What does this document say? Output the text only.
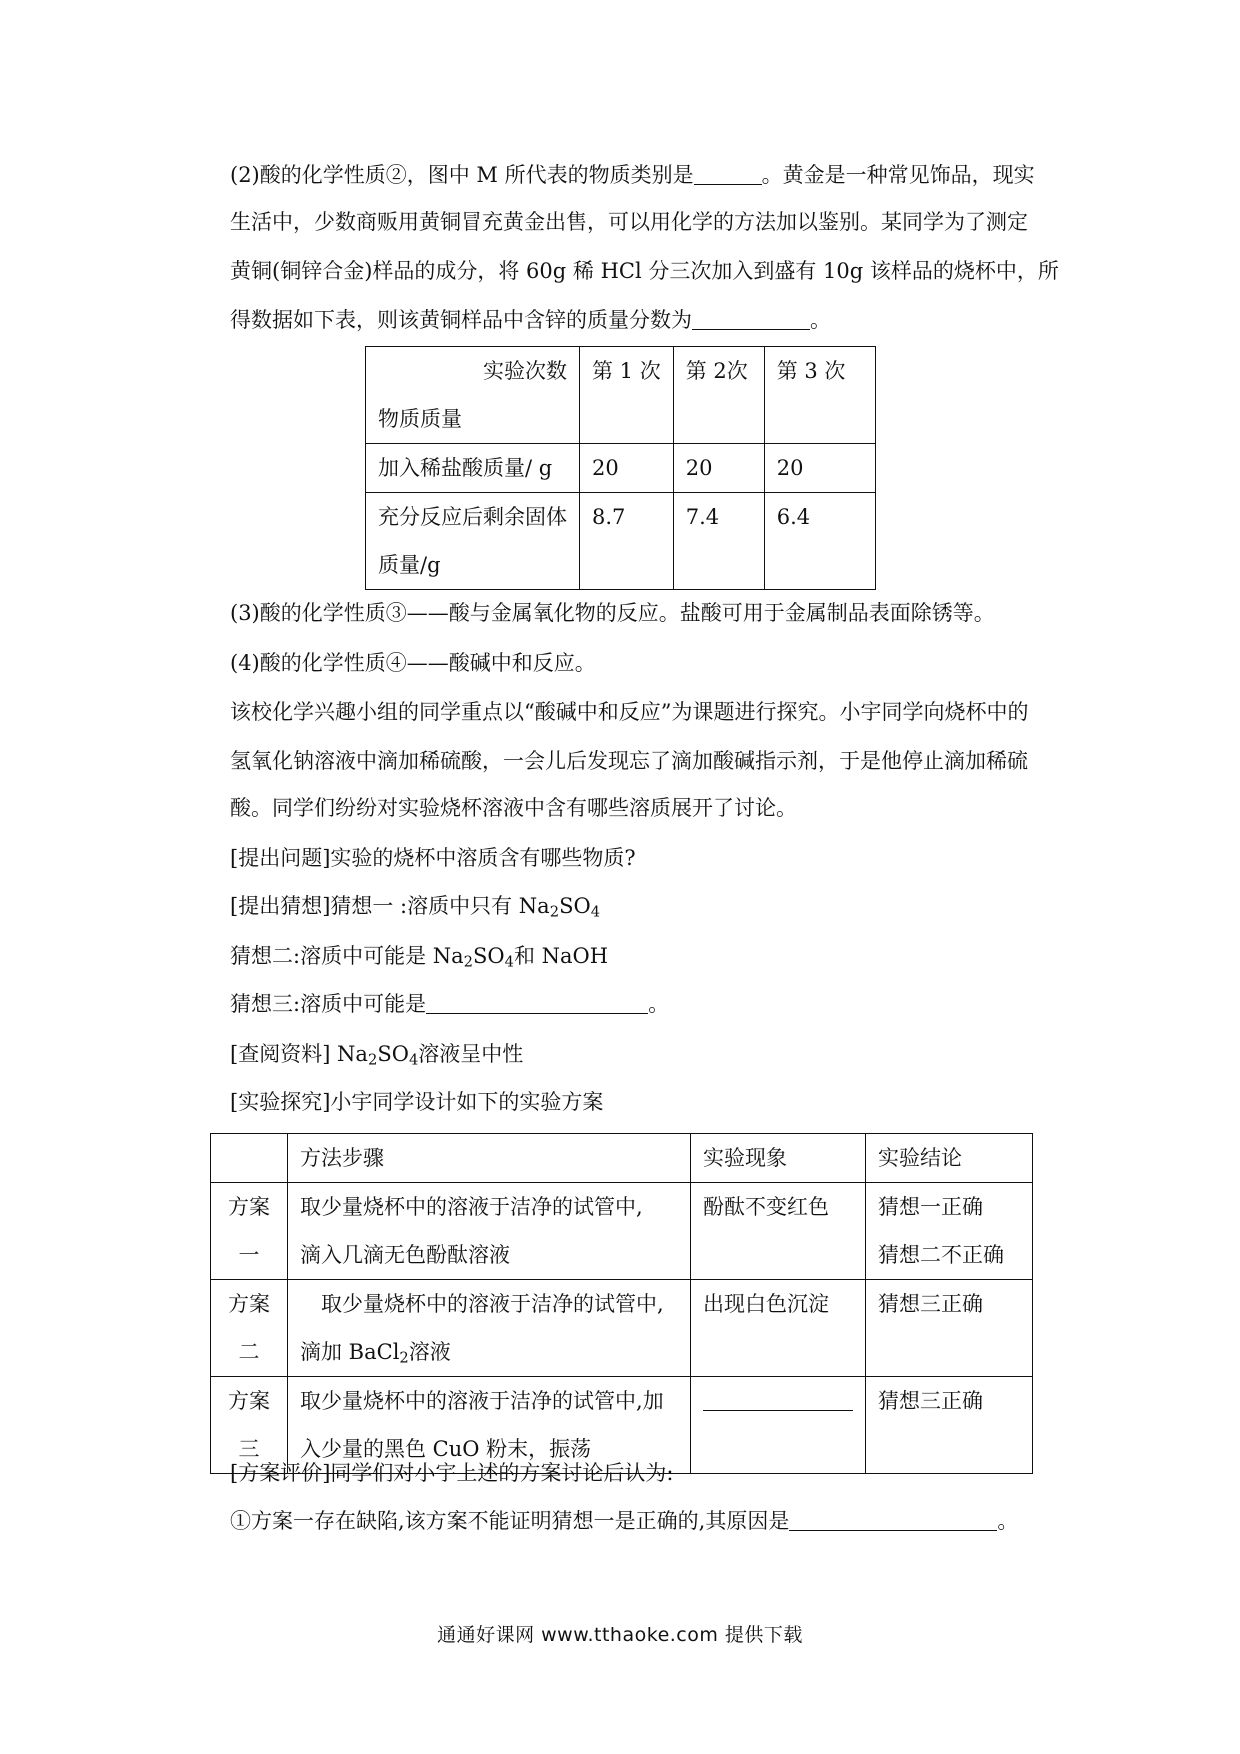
(2)酸的化学性质②，图中 M 所代表的物质类别是	。黄金是一种常见饰品，现实
生活中，少数商贩用黄铜冒充黄金出售，可以用化学的方法加以鉴别。某同学为了测定
黄铜(铜锌合金)样品的成分，将 60g 稀 HCl 分三次加入到盛有 10g 该样品的烧杯中，所
得数据如下表，则该黄铜样品中含锌的质量分数为	。
实验次数
物质质量	第 1 次	第 2次	第 3 次
加入稀盐酸质量/ g	20	20	20

充分反应后剩余固体
质量/g	8.7	7.4	6.4
(3)酸的化学性质③——酸与金属氧化物的反应。盐酸可用于金属制品表面除锈等。
(4)酸的化学性质④——酸碱中和反应。
该校化学兴趣小组的同学重点以“酸碱中和反应”为课题进行探究。小宇同学向烧杯中的
氢氧化钠溶液中滴加稀硫酸，一会儿后发现忘了滴加酸碱指示剂，于是他停止滴加稀硫
酸。同学们纷纷对实验烧杯溶液中含有哪些溶质展开了讨论。
[提出问题]实验的烧杯中溶质含有哪些物质?
[提出猜想]猜想一 :溶质中只有 $Na_2SO_4$
猜想二:溶质中可能是 $Na_2SO_4$和 NaOH
猜想三:溶质中可能是	。
[查阅资料] $Na_2SO_4$溶液呈中性
[实验探究]小宇同学设计如下的实验方案
	方法步骤	实验现象	实验结论

方案
一	取少量烧杯中的溶液于洁净的试管中,
滴入几滴无色酚酞溶液	酚酞不变红色	猜想一正确
猜想二不正确

方案
二	　取少量烧杯中的溶液于洁净的试管中,
滴加 BaCl$_2$溶液	出现白色沉淀	猜想三正确

方案
三	取少量烧杯中的溶液于洁净的试管中,加
入少量的黑色 CuO 粉末，振荡		猜想三正确
[方案评价]同学们对小宇上述的方案讨论后认为:
①方案一存在缺陷,该方案不能证明猜想一是正确的,其原因是	。
通通好课网 www.tthaoke.com 提供下载
